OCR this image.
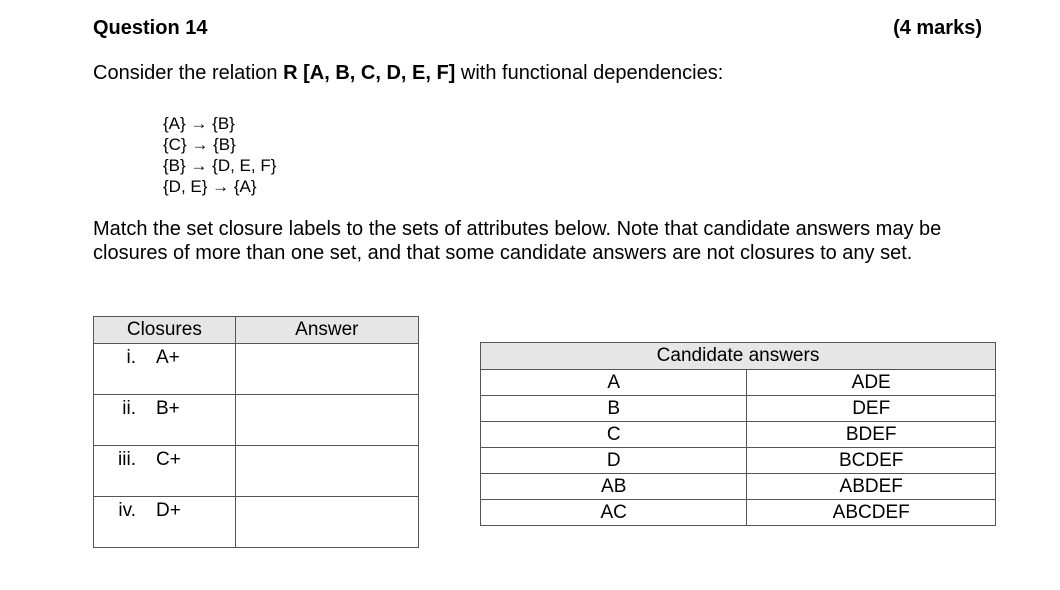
Question 14	(4 marks)
Consider the relation R [A, B, C, D, E, F] with functional dependencies:
{A} → {B}
{C} → {B}
{B} → {D, E, F}
{D, E} → {A}
Match the set closure labels to the sets of attributes below. Note that candidate answers may be closures of more than one set, and that some candidate answers are not closures to any set.
Closures	Answer

i. A+	

ii. B+	

iii. C+	

iv. D+	

Candidate answers	
A	ADE
B	DEF
C	BDEF
D	BCDEF
AB	ABDEF
AC	ABCDEF
